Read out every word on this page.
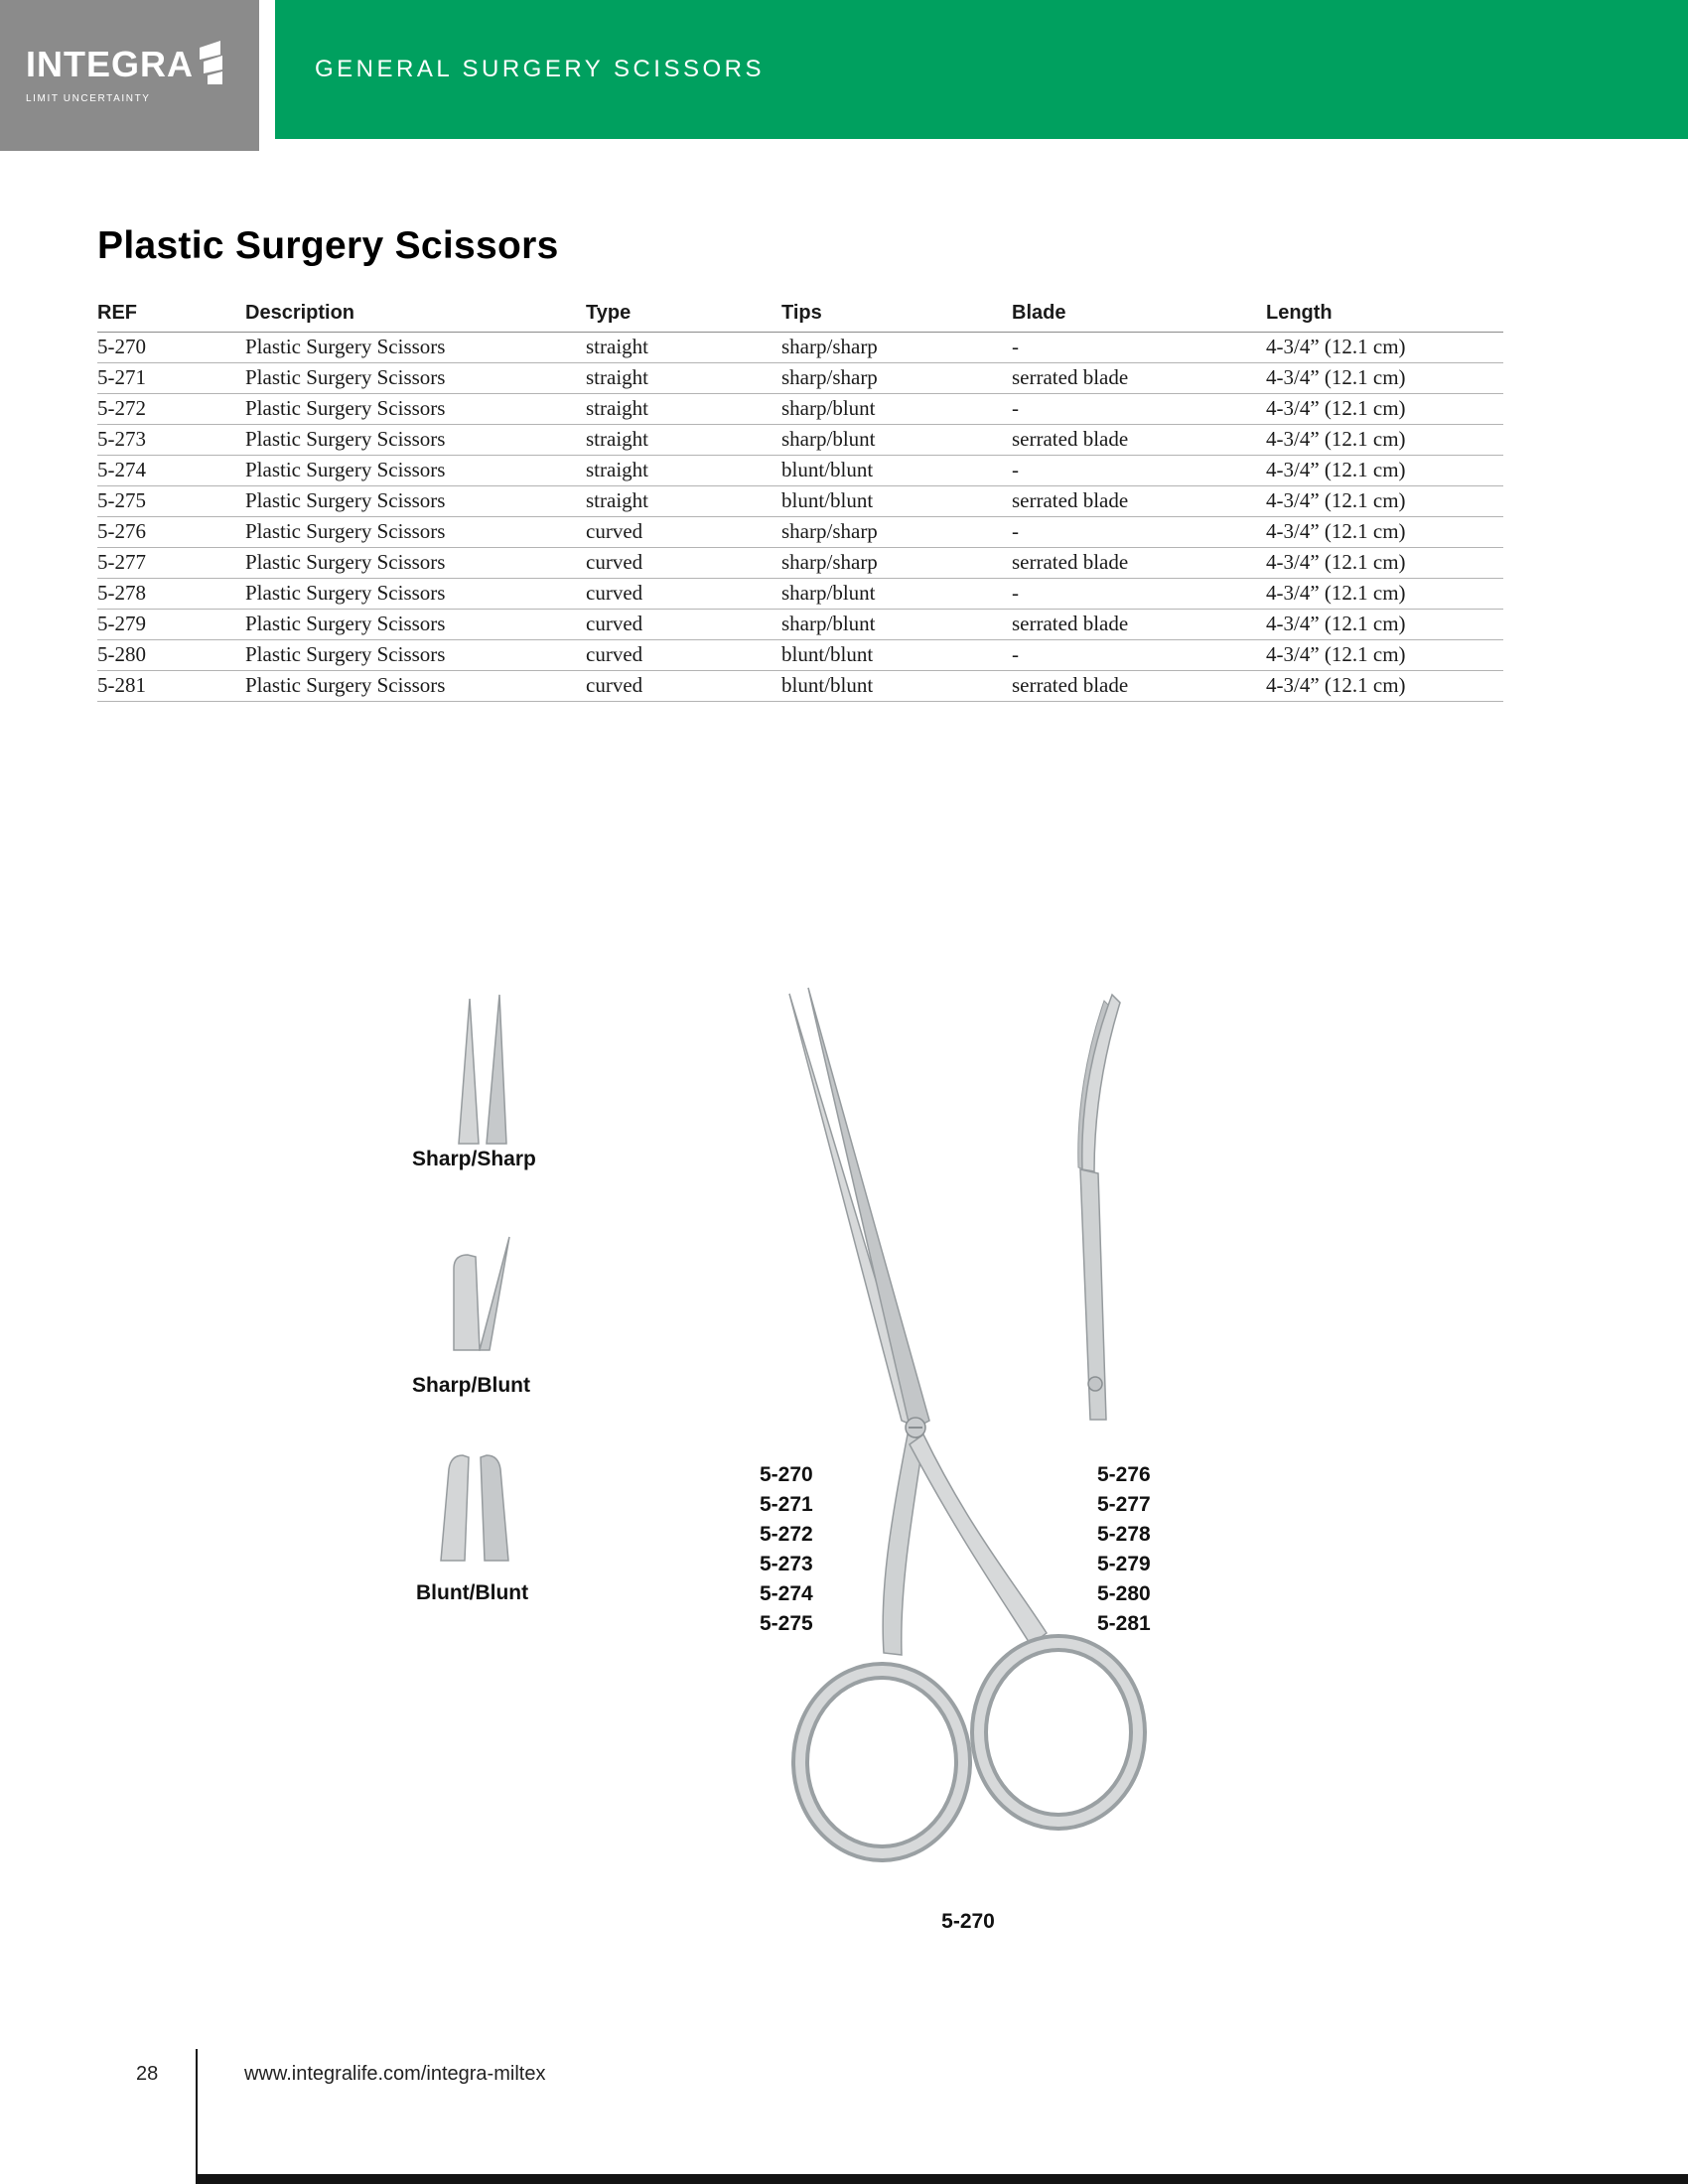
INTEGRA
LIMIT UNCERTAINTY
GENERAL SURGERY SCISSORS
Plastic Surgery Scissors
REF	Description	Type	Tips	Blade	Length
5-270	Plastic Surgery Scissors	straight	sharp/sharp	-	4-3/4” (12.1 cm)
5-271	Plastic Surgery Scissors	straight	sharp/sharp	serrated blade	4-3/4” (12.1 cm)
5-272	Plastic Surgery Scissors	straight	sharp/blunt	-	4-3/4” (12.1 cm)
5-273	Plastic Surgery Scissors	straight	sharp/blunt	serrated blade	4-3/4” (12.1 cm)
5-274	Plastic Surgery Scissors	straight	blunt/blunt	-	4-3/4” (12.1 cm)
5-275	Plastic Surgery Scissors	straight	blunt/blunt	serrated blade	4-3/4” (12.1 cm)
5-276	Plastic Surgery Scissors	curved	sharp/sharp	-	4-3/4” (12.1 cm)
5-277	Plastic Surgery Scissors	curved	sharp/sharp	serrated blade	4-3/4” (12.1 cm)
5-278	Plastic Surgery Scissors	curved	sharp/blunt	-	4-3/4” (12.1 cm)
5-279	Plastic Surgery Scissors	curved	sharp/blunt	serrated blade	4-3/4” (12.1 cm)
5-280	Plastic Surgery Scissors	curved	blunt/blunt	-	4-3/4” (12.1 cm)
5-281	Plastic Surgery Scissors	curved	blunt/blunt	serrated blade	4-3/4” (12.1 cm)
Sharp/Sharp
Sharp/Blunt
Blunt/Blunt
5-270
5-271
5-272
5-273
5-274
5-275
5-276
5-277
5-278
5-279
5-280
5-281
5-270
28	www.integralife.com/integra-miltex
